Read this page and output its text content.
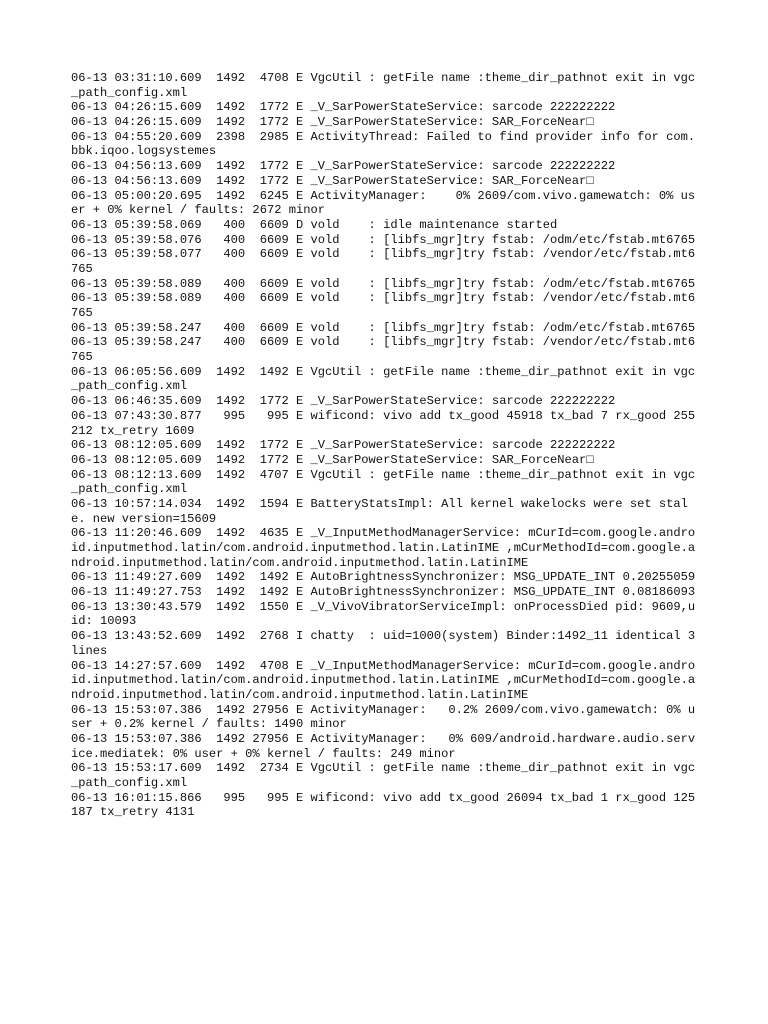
06-13 03:31:10.609  1492  4708 E VgcUtil : getFile name :theme_dir_pathnot exit in vgc_path_config.xml
06-13 04:26:15.609  1492  1772 E _V_SarPowerStateService: sarcode 222222222
06-13 04:26:15.609  1492  1772 E _V_SarPowerStateService: SAR_ForceNear□
06-13 04:55:20.609  2398  2985 E ActivityThread: Failed to find provider info for com.bbk.iqoo.logsystemes
06-13 04:56:13.609  1492  1772 E _V_SarPowerStateService: sarcode 222222222
06-13 04:56:13.609  1492  1772 E _V_SarPowerStateService: SAR_ForceNear□
06-13 05:00:20.695  1492  6245 E ActivityManager:    0% 2609/com.vivo.gamewatch: 0% user + 0% kernel / faults: 2672 minor
06-13 05:39:58.069   400  6609 D vold    : idle maintenance started
06-13 05:39:58.076   400  6609 E vold    : [libfs_mgr]try fstab: /odm/etc/fstab.mt6765
06-13 05:39:58.077   400  6609 E vold    : [libfs_mgr]try fstab: /vendor/etc/fstab.mt6765
06-13 05:39:58.089   400  6609 E vold    : [libfs_mgr]try fstab: /odm/etc/fstab.mt6765
06-13 05:39:58.089   400  6609 E vold    : [libfs_mgr]try fstab: /vendor/etc/fstab.mt6765
06-13 05:39:58.247   400  6609 E vold    : [libfs_mgr]try fstab: /odm/etc/fstab.mt6765
06-13 05:39:58.247   400  6609 E vold    : [libfs_mgr]try fstab: /vendor/etc/fstab.mt6765
06-13 06:05:56.609  1492  1492 E VgcUtil : getFile name :theme_dir_pathnot exit in vgc_path_config.xml
06-13 06:46:35.609  1492  1772 E _V_SarPowerStateService: sarcode 222222222
06-13 07:43:30.877   995   995 E wificond: vivo add tx_good 45918 tx_bad 7 rx_good 255212 tx_retry 1609
06-13 08:12:05.609  1492  1772 E _V_SarPowerStateService: sarcode 222222222
06-13 08:12:05.609  1492  1772 E _V_SarPowerStateService: SAR_ForceNear□
06-13 08:12:13.609  1492  4707 E VgcUtil : getFile name :theme_dir_pathnot exit in vgc_path_config.xml
06-13 10:57:14.034  1492  1594 E BatteryStatsImpl: All kernel wakelocks were set stale. new version=15609
06-13 11:20:46.609  1492  4635 E _V_InputMethodManagerService: mCurId=com.google.android.inputmethod.latin/com.android.inputmethod.latin.LatinIME ,mCurMethodId=com.google.android.inputmethod.latin/com.android.inputmethod.latin.LatinIME
06-13 11:49:27.609  1492  1492 E AutoBrightnessSynchronizer: MSG_UPDATE_INT 0.20255059
06-13 11:49:27.753  1492  1492 E AutoBrightnessSynchronizer: MSG_UPDATE_INT 0.08186093
06-13 13:30:43.579  1492  1550 E _V_VivoVibratorServiceImpl: onProcessDied pid: 9609,uid: 10093
06-13 13:43:52.609  1492  2768 I chatty  : uid=1000(system) Binder:1492_11 identical 3 lines
06-13 14:27:57.609  1492  4708 E _V_InputMethodManagerService: mCurId=com.google.android.inputmethod.latin/com.android.inputmethod.latin.LatinIME ,mCurMethodId=com.google.android.inputmethod.latin/com.android.inputmethod.latin.LatinIME
06-13 15:53:07.386  1492 27956 E ActivityManager:   0.2% 2609/com.vivo.gamewatch: 0% user + 0.2% kernel / faults: 1490 minor
06-13 15:53:07.386  1492 27956 E ActivityManager:   0% 609/android.hardware.audio.service.mediatek: 0% user + 0% kernel / faults: 249 minor
06-13 15:53:17.609  1492  2734 E VgcUtil : getFile name :theme_dir_pathnot exit in vgc_path_config.xml
06-13 16:01:15.866   995   995 E wificond: vivo add tx_good 26094 tx_bad 1 rx_good 125187 tx_retry 4131
